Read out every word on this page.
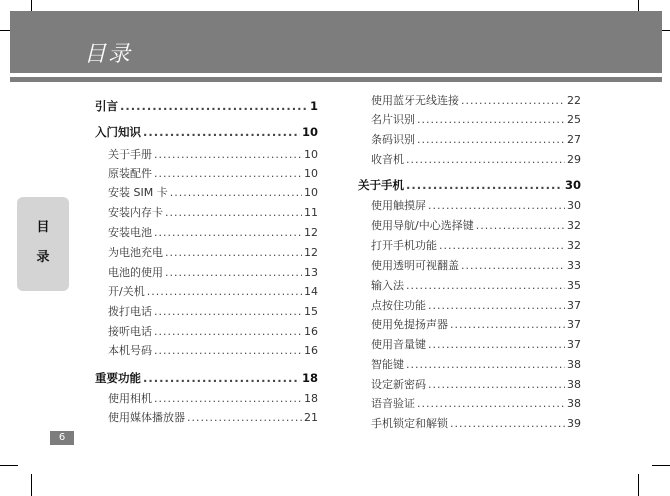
目录
目
录
6
引言 .....	1
入门知识 .....	10
关于手册 .....	10
原装配件 .....	10
安装 SIM 卡 .....	10
安装内存卡 .....	11
安装电池 .....	12
为电池充电 .....	12
电池的使用 .....	13
开/关机 .....	14
拨打电话 .....	15
接听电话 .....	16
本机号码 .....	16
重要功能 .....	18
使用相机 .....	18
使用媒体播放器 .....	21
使用蓝牙无线连接 .....	22
名片识别 .....	25
条码识别 .....	27
收音机 .....	29
关于手机 .....	30
使用触摸屏 .....	30
使用导航/中心选择键 .....	32
打开手机功能 .....	32
使用透明可视翻盖 .....	33
输入法 .....	35
点按住功能 .....	37
使用免提扬声器 .....	37
使用音量键 .....	37
智能键 .....	38
设定新密码 .....	38
语音验证 .....	38
手机锁定和解锁 .....	39
